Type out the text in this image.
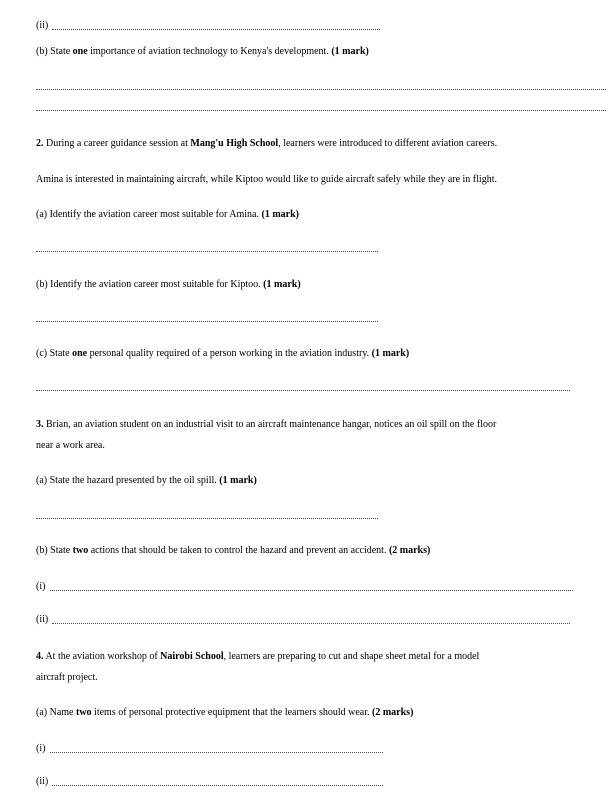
(ii)
(b) State one importance of aviation technology to Kenya's development. (1 mark)
2. During a career guidance session at Mang'u High School, learners were introduced to different aviation careers.
Amina is interested in maintaining aircraft, while Kiptoo would like to guide aircraft safely while they are in flight.
(a) Identify the aviation career most suitable for Amina. (1 mark)
(b) Identify the aviation career most suitable for Kiptoo. (1 mark)
(c) State one personal quality required of a person working in the aviation industry. (1 mark)
3. Brian, an aviation student on an industrial visit to an aircraft maintenance hangar, notices an oil spill on the floor
near a work area.
(a) State the hazard presented by the oil spill. (1 mark)
(b) State two actions that should be taken to control the hazard and prevent an accident. (2 marks)
(i)
(ii)
4. At the aviation workshop of Nairobi School, learners are preparing to cut and shape sheet metal for a model
aircraft project.
(a) Name two items of personal protective equipment that the learners should wear. (2 marks)
(i)
(ii)
